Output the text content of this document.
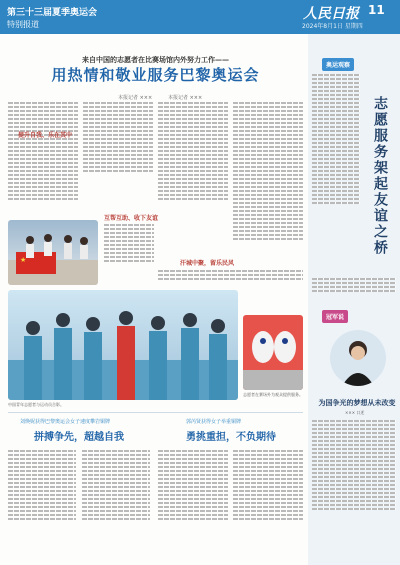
第三十三届夏季奥运会
特别报道
人民日报 11
2024年8月1日 星期四
来自中国的志愿者在比赛场馆内外努力工作——
用热情和敬业服务巴黎奥运会
本报记者 ×××	本报记者 ×××
提升自我、乐在其中
★
互帮互助、收下友谊
汗城中聚，留乐民风
志愿者在赛场外为观众提供服务。
中国青年志愿者与运动员合影。
刘焕妮获得巴黎奥运会女子速度攀岩铜牌
拼搏争先，超越自我
郭芮贤获得女子举重铜牌
勇挑重担，不负期待
奥运观察
志愿服务架起友谊之桥
冠军说
为国争光的梦想从未改变
××× 口述
